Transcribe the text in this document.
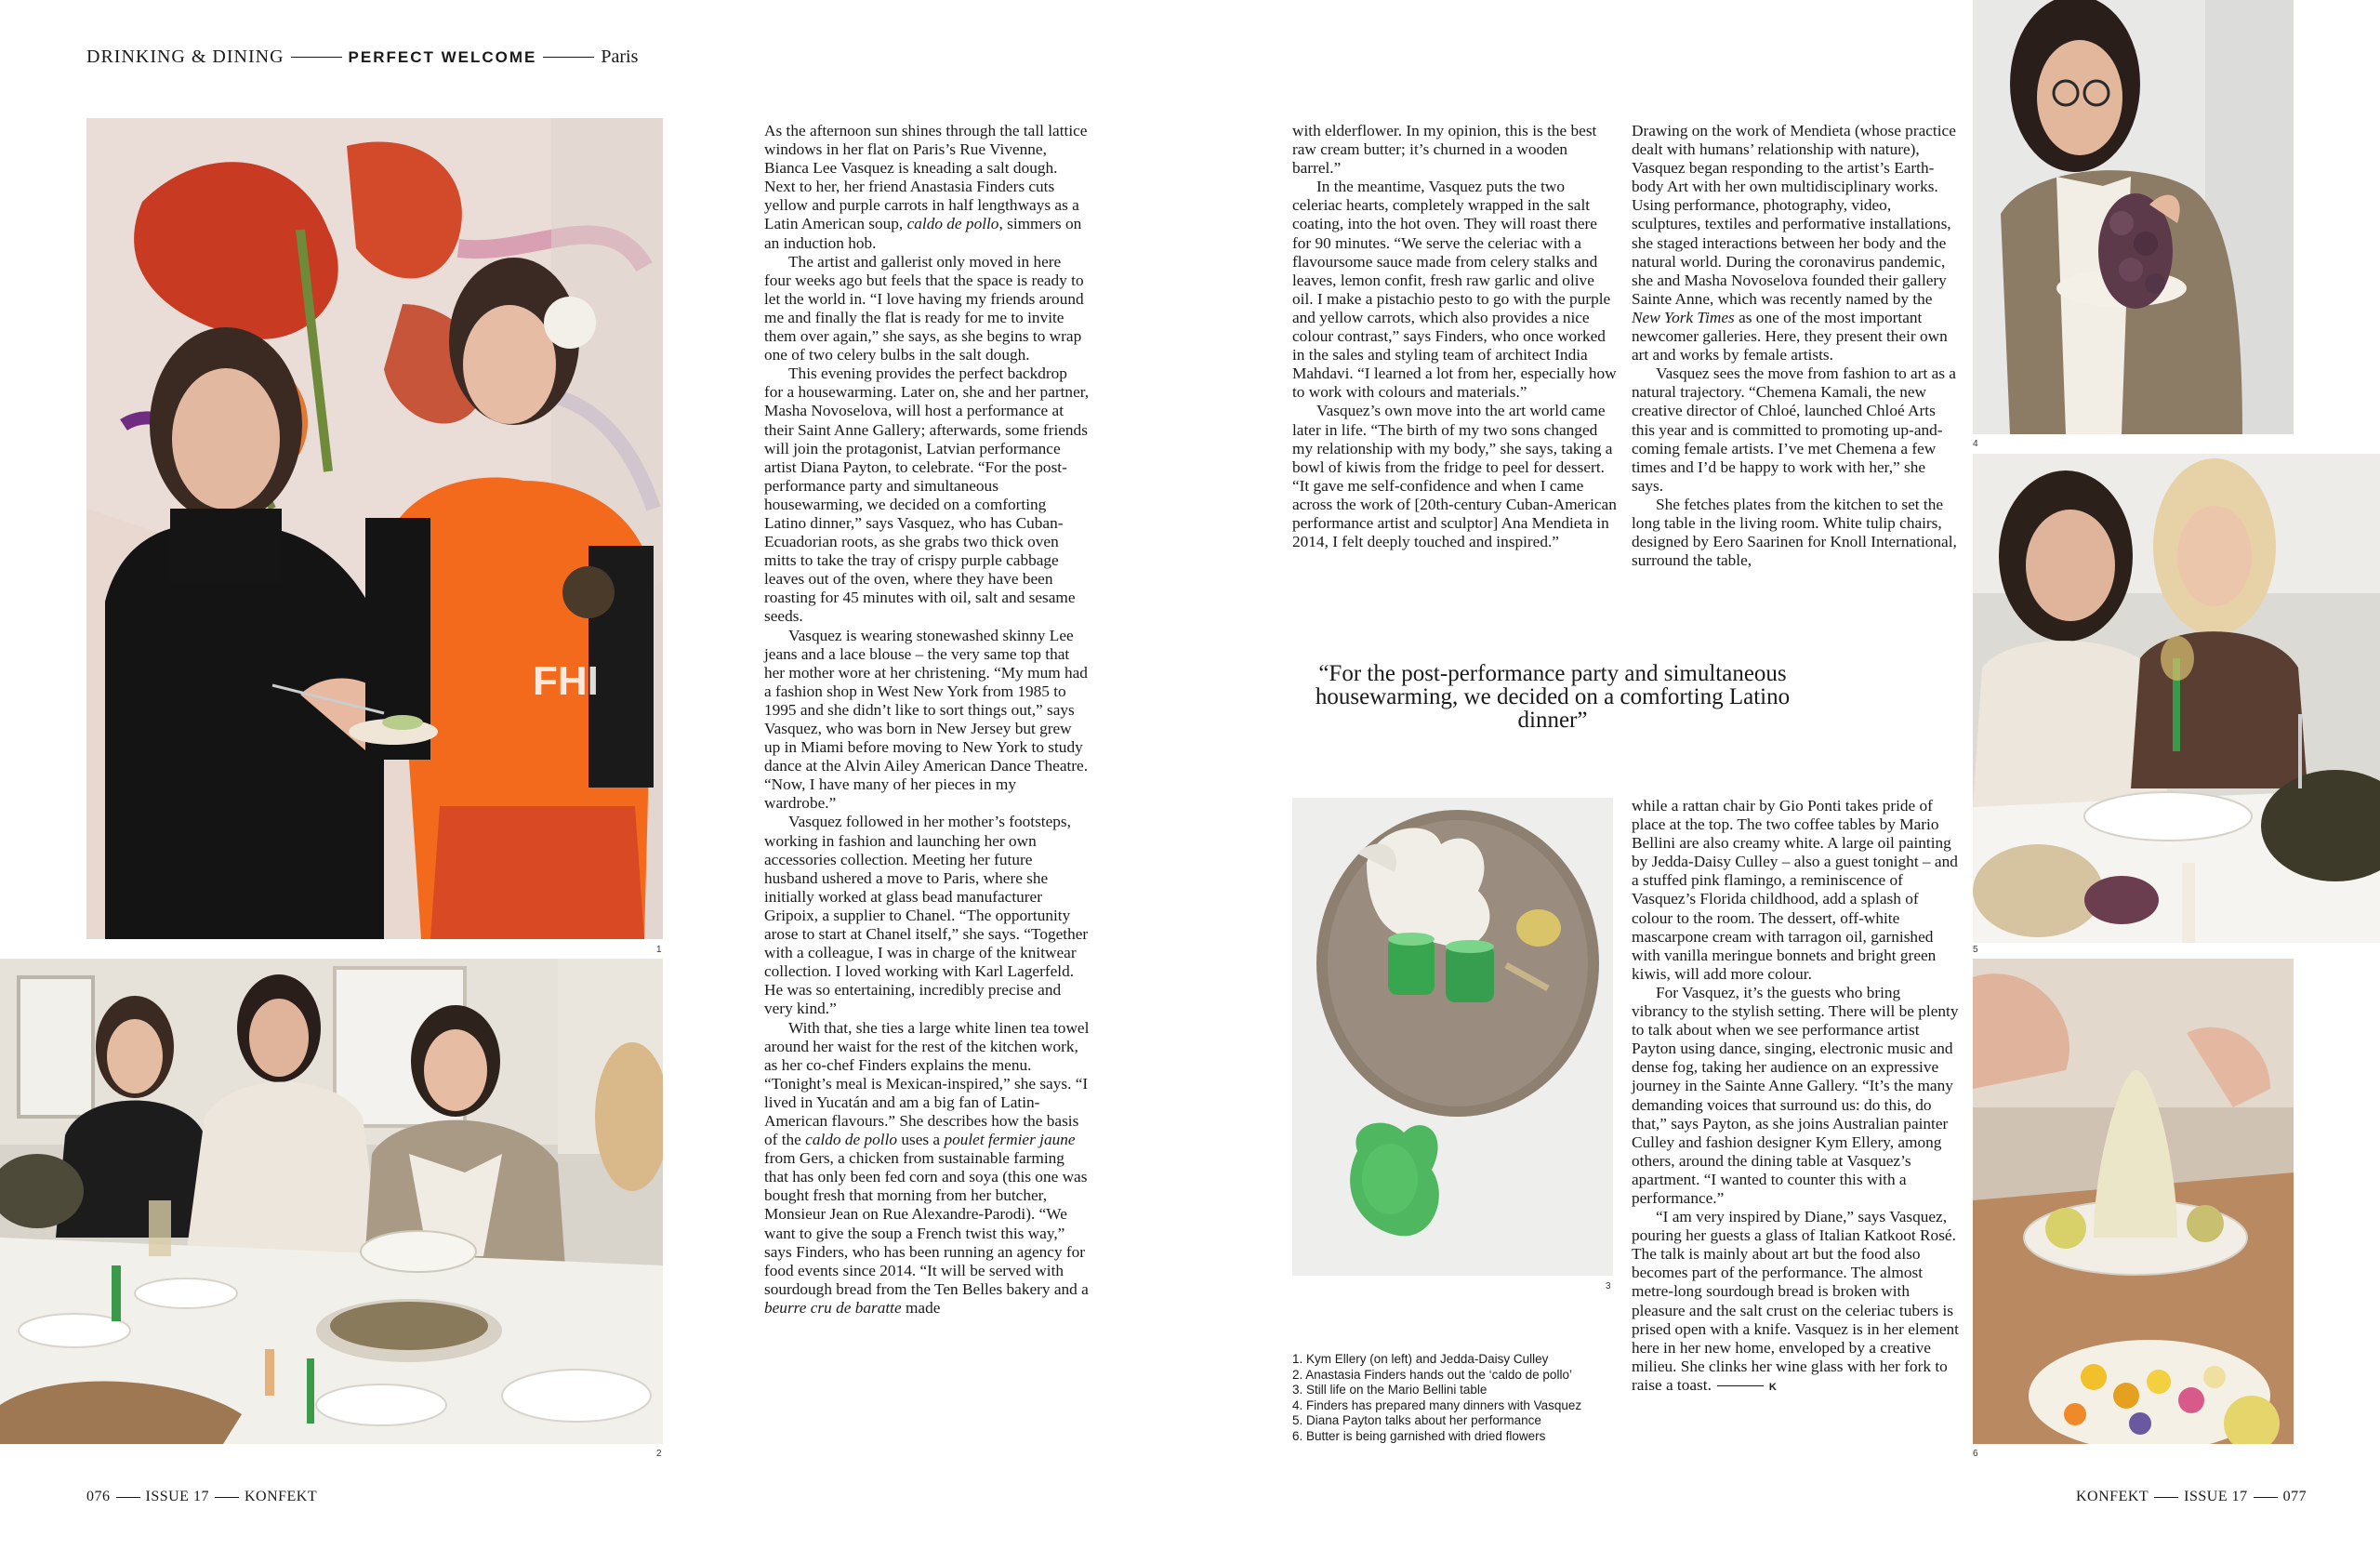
DRINKING & DINING	PERFECT WELCOME	Paris
FHI
1
2

As the afternoon sun shines through the tall lattice windows in her flat on Paris’s Rue Vivenne, Bianca Lee Vasquez is kneading a salt dough. Next to her, her friend Anastasia Finders cuts yellow and purple carrots in half lengthways as a Latin American soup, caldo de pollo, simmers on an induction hob.

The artist and gallerist only moved in here four weeks ago but feels that the space is ready to let the world in. “I love having my friends around me and finally the flat is ready for me to invite them over again,” she says, as she begins to wrap one of two celery bulbs in the salt dough.

This evening provides the perfect backdrop for a housewarming. Later on, she and her partner, Masha Novoselova, will host a performance at their Saint Anne Gallery; afterwards, some friends will join the protagonist, Latvian performance artist Diana Payton, to celebrate. “For the post-performance party and simultaneous housewarming, we decided on a comforting Latino dinner,” says Vasquez, who has Cuban-Ecuadorian roots, as she grabs two thick oven mitts to take the tray of crispy purple cabbage leaves out of the oven, where they have been roasting for 45 minutes with oil, salt and sesame seeds.

Vasquez is wearing stonewashed skinny Lee jeans and a lace blouse – the very same top that her mother wore at her christening. “My mum had a fashion shop in West New York from 1985 to 1995 and she didn’t like to sort things out,” says Vasquez, who was born in New Jersey but grew up in Miami before moving to New York to study dance at the Alvin Ailey American Dance Theatre. “Now, I have many of her pieces in my wardrobe.”

Vasquez followed in her mother’s footsteps, working in fashion and launching her own accessories collection. Meeting her future husband ushered a move to Paris, where she initially worked at glass bead manufacturer Gripoix, a supplier to Chanel. “The opportunity arose to start at Chanel itself,” she says. “Together with a colleague, I was in charge of the knitwear collection. I loved working with Karl Lagerfeld. He was so entertaining, incredibly precise and very kind.”

With that, she ties a large white linen tea towel around her waist for the rest of the kitchen work, as her co-chef Finders explains the menu. “Tonight’s meal is Mexican-inspired,” she says. “I lived in Yucatán and am a big fan of Latin-American flavours.” She describes how the basis of the caldo de pollo uses a poulet fermier jaune from Gers, a chicken from sustainable farming that has only been fed corn and soya (this one was bought fresh that morning from her butcher, Monsieur Jean on Rue Alexandre-Parodi). “We want to give the soup a French twist this way,” says Finders, who has been running an agency for food events since 2014. “It will be served with sourdough bread from the Ten Belles bakery and a beurre cru de baratte made

with elderflower. In my opinion, this is the best raw cream butter; it’s churned in a wooden barrel.”

In the meantime, Vasquez puts the two celeriac hearts, completely wrapped in the salt coating, into the hot oven. They will roast there for 90 minutes. “We serve the celeriac with a flavoursome sauce made from celery stalks and leaves, lemon confit, fresh raw garlic and olive oil. I make a pistachio pesto to go with the purple and yellow carrots, which also provides a nice colour contrast,” says Finders, who once worked in the sales and styling team of architect India Mahdavi. “I learned a lot from her, especially how to work with colours and materials.”

Vasquez’s own move into the art world came later in life. “The birth of my two sons changed my relationship with my body,” she says, taking a bowl of kiwis from the fridge to peel for dessert. “It gave me self-confidence and when I came across the work of [20th-century Cuban-American performance artist and sculptor] Ana Mendieta in 2014, I felt deeply touched and inspired.”

Drawing on the work of Mendieta (whose practice dealt with humans’ relationship with nature), Vasquez began responding to the artist’s Earth-body Art with her own multidisciplinary works. Using performance, photography, video, sculptures, textiles and performative installations, she staged interactions between her body and the natural world. During the coronavirus pandemic, she and Masha Novoselova founded their gallery Sainte Anne, which was recently named by the New York Times as one of the most important newcomer galleries. Here, they present their own art and works by female artists.

Vasquez sees the move from fashion to art as a natural trajectory. “Chemena Kamali, the new creative director of Chloé, launched Chloé Arts this year and is committed to promoting up-and-coming female artists. I’ve met Chemena a few times and I’d be happy to work with her,” she says.

She fetches plates from the kitchen to set the long table in the living room. White tulip chairs, designed by Eero Saarinen for Knoll International, surround the table,

“For the post-performance party and simultaneous housewarming, we decided on a comforting Latino dinner”
3
1. Kym Ellery (on left) and Jedda-Daisy Culley
2. Anastasia Finders hands out the ‘caldo de pollo’
3. Still life on the Mario Bellini table
4. Finders has prepared many dinners with Vasquez
5. Diana Payton talks about her performance
6. Butter is being garnished with dried flowers

while a rattan chair by Gio Ponti takes pride of place at the top. The two coffee tables by Mario Bellini are also creamy white. A large oil painting by Jedda-Daisy Culley – also a guest tonight – and a stuffed pink flamingo, a reminiscence of Vasquez’s Florida childhood, add a splash of colour to the room. The dessert, off-white mascarpone cream with tarragon oil, garnished with vanilla meringue bonnets and bright green kiwis, will add more colour.

For Vasquez, it’s the guests who bring vibrancy to the stylish setting. There will be plenty to talk about when we see performance artist Payton using dance, singing, electronic music and dense fog, taking her audience on an expressive journey in the Sainte Anne Gallery. “It’s the many demanding voices that surround us: do this, do that,” says Payton, as she joins Australian painter Culley and fashion designer Kym Ellery, among others, around the dining table at Vasquez’s apartment. “I wanted to counter this with a performance.”

“I am very inspired by Diane,” says Vasquez, pouring her guests a glass of Italian Katkoot Rosé. The talk is mainly about art but the food also becomes part of the performance. The almost metre-long sourdough bread is broken with pleasure and the salt crust on the celeriac tubers is prised open with a knife. Vasquez is in her element here in her new home, enveloped by a creative milieu. She clinks her wine glass with her fork to raise a toast.	K

4
5
6
076 ISSUE 17 KONFEKT	KONFEKT ISSUE 17 077
